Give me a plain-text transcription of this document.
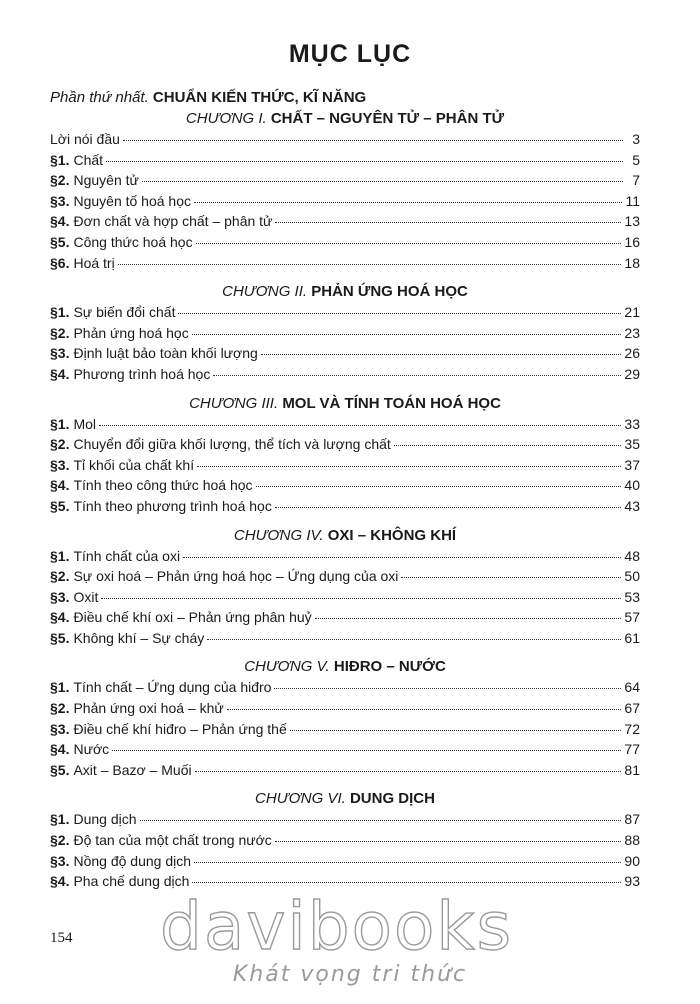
MỤC LỤC
Phần thứ nhất. CHUẨN KIẾN THỨC, KĨ NĂNG
CHƯƠNG I. CHẤT – NGUYÊN TỬ – PHÂN TỬ
Lời nói đầu	3
§1. Chất	5
§2. Nguyên tử	7
§3. Nguyên tố hoá học	11
§4. Đơn chất và hợp chất – phân tử	13
§5. Công thức hoá học	16
§6. Hoá trị	18
CHƯƠNG II. PHẢN ỨNG HOÁ HỌC
§1. Sự biến đổi chất	21
§2. Phản ứng hoá học	23
§3. Định luật bảo toàn khối lượng	26
§4. Phương trình hoá học	29
CHƯƠNG III. MOL VÀ TÍNH TOÁN HOÁ HỌC
§1. Mol	33
§2. Chuyển đổi giữa khối lượng, thể tích và lượng chất	35
§3. Tỉ khối của chất khí	37
§4. Tính theo công thức hoá học	40
§5. Tính theo phương trình hoá học	43
CHƯƠNG IV. OXI – KHÔNG KHÍ
§1. Tính chất của oxi	48
§2. Sự oxi hoá – Phản ứng hoá học – Ứng dụng của oxi	50
§3. Oxit	53
§4. Điều chế khí oxi – Phản ứng phân huỷ	57
§5. Không khí – Sự cháy	61
CHƯƠNG V. HIĐRO – NƯỚC
§1. Tính chất – Ứng dụng của hiđro	64
§2. Phản ứng oxi hoá – khử	67
§3. Điều chế khí hiđro – Phản ứng thế	72
§4. Nước	77
§5. Axit – Bazơ – Muối	81
CHƯƠNG VI. DUNG DỊCH
§1. Dung dịch	87
§2. Độ tan của một chất trong nước	88
§3. Nồng độ dung dịch	90
§4. Pha chế dung dịch	93
154 davibooks
Khát vọng tri thức
